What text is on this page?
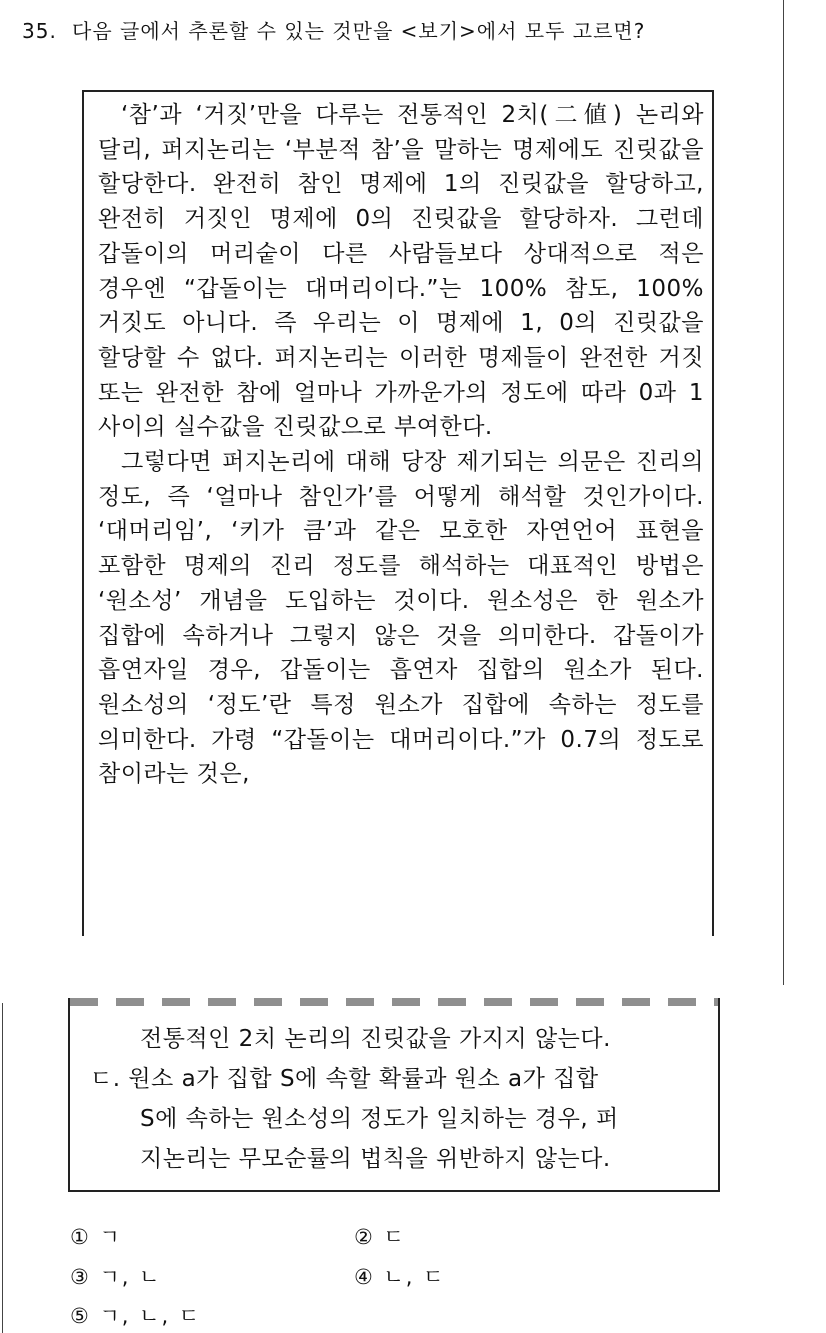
35. 다음 글에서 추론할 수 있는 것만을 <보기>에서 모두 고르면?

‘참’과 ‘거짓’만을 다루는 전통적인 2치(二値) 논리와 달리, 퍼지논리는 ‘부분적 참’을 말하는 명제에도 진릿값을 할당한다. 완전히 참인 명제에 1의 진릿값을 할당하고, 완전히 거짓인 명제에 0의 진릿값을 할당하자. 그런데 갑돌이의 머리숱이 다른 사람들보다 상대적으로 적은 경우엔 “갑돌이는 대머리이다.”는 100% 참도, 100% 거짓도 아니다. 즉 우리는 이 명제에 1, 0의 진릿값을 할당할 수 없다. 퍼지논리는 이러한 명제들이 완전한 거짓 또는 완전한 참에 얼마나 가까운가의 정도에 따라 0과 1 사이의 실수값을 진릿값으로 부여한다.

그렇다면 퍼지논리에 대해 당장 제기되는 의문은 진리의 정도, 즉 ‘얼마나 참인가’를 어떻게 해석할 것인가이다. ‘대머리임’, ‘키가 큼’과 같은 모호한 자연언어 표현을 포함한 명제의 진리 정도를 해석하는 대표적인 방법은 ‘원소성’ 개념을 도입하는 것이다. 원소성은 한 원소가 집합에 속하거나 그렇지 않은 것을 의미한다. 갑돌이가 흡연자일 경우, 갑돌이는 흡연자 집합의 원소가 된다. 원소성의 ‘정도’란 특정 원소가 집합에 속하는 정도를 의미한다. 가령 “갑돌이는 대머리이다.”가 0.7의 정도로 참이라는 것은,

전통적인 2치 논리의 진릿값을 가지지 않는다.
ㄷ. 원소 a가 집합 S에 속할 확률과 원소 a가 집합
S에 속하는 원소성의 정도가 일치하는 경우, 퍼
지논리는 무모순률의 법칙을 위반하지 않는다.
① ㄱ	② ㄷ
③ ㄱ, ㄴ	④ ㄴ, ㄷ
⑤ ㄱ, ㄴ, ㄷ
